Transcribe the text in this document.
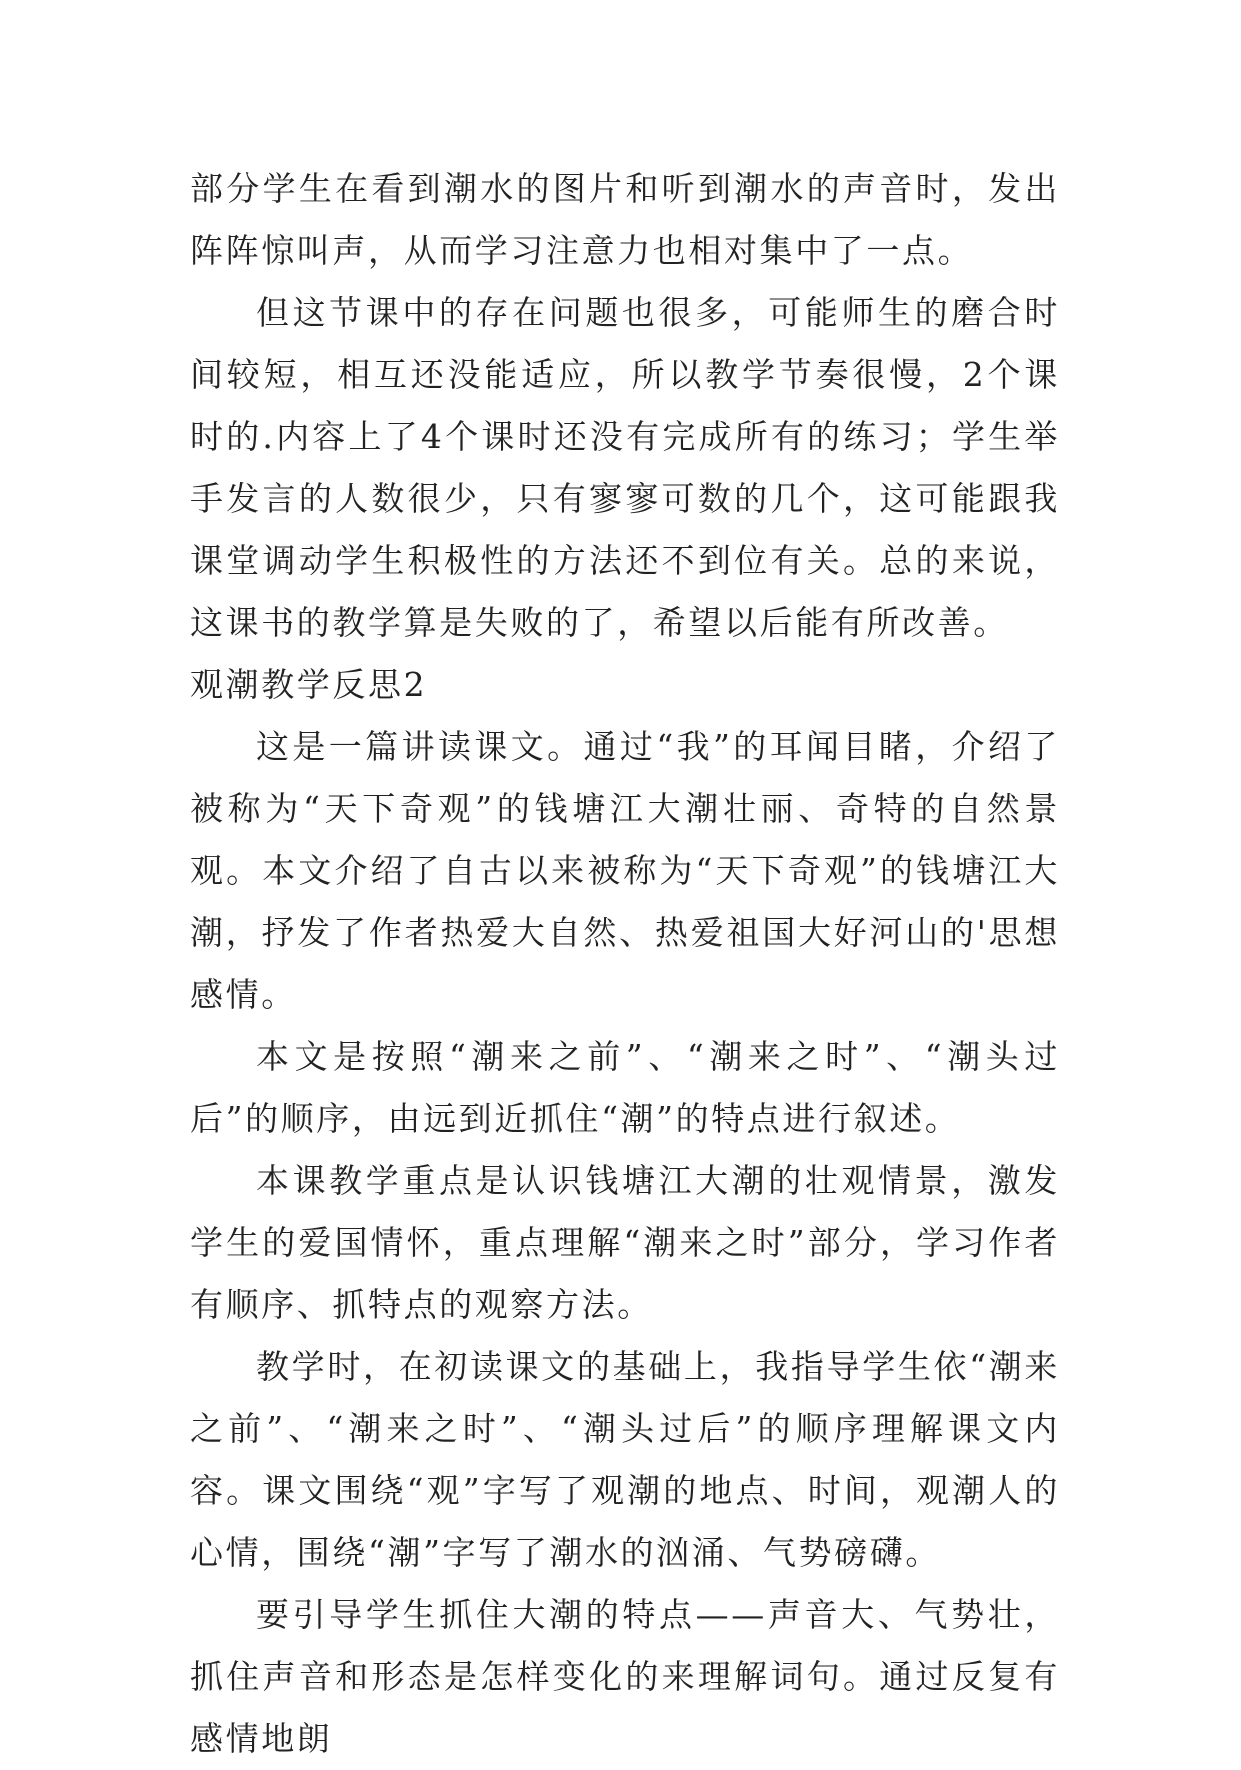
部分学生在看到潮水的图片和听到潮水的声音时，发出阵阵惊叫声，从而学习注意力也相对集中了一点。

但这节课中的存在问题也很多，可能师生的磨合时间较短，相互还没能适应，所以教学节奏很慢，2个课时的.内容上了4个课时还没有完成所有的练习；学生举手发言的人数很少，只有寥寥可数的几个，这可能跟我课堂调动学生积极性的方法还不到位有关。总的来说，这课书的教学算是失败的了，希望以后能有所改善。

观潮教学反思2

这是一篇讲读课文。通过“我”的耳闻目睹，介绍了被称为“天下奇观”的钱塘江大潮壮丽、奇特的自然景观。本文介绍了自古以来被称为“天下奇观”的钱塘江大潮，抒发了作者热爱大自然、热爱祖国大好河山的'思想感情。

本文是按照“潮来之前”、“潮来之时”、“潮头过后”的顺序，由远到近抓住“潮”的特点进行叙述。

本课教学重点是认识钱塘江大潮的壮观情景，激发学生的爱国情怀，重点理解“潮来之时”部分，学习作者有顺序、抓特点的观察方法。

教学时，在初读课文的基础上，我指导学生依“潮来之前”、“潮来之时”、“潮头过后”的顺序理解课文内容。课文围绕“观”字写了观潮的地点、时间，观潮人的心情，围绕“潮”字写了潮水的汹涌、气势磅礴。

要引导学生抓住大潮的特点——声音大、气势壮，抓住声音和形态是怎样变化的来理解词句。通过反复有感情地朗
